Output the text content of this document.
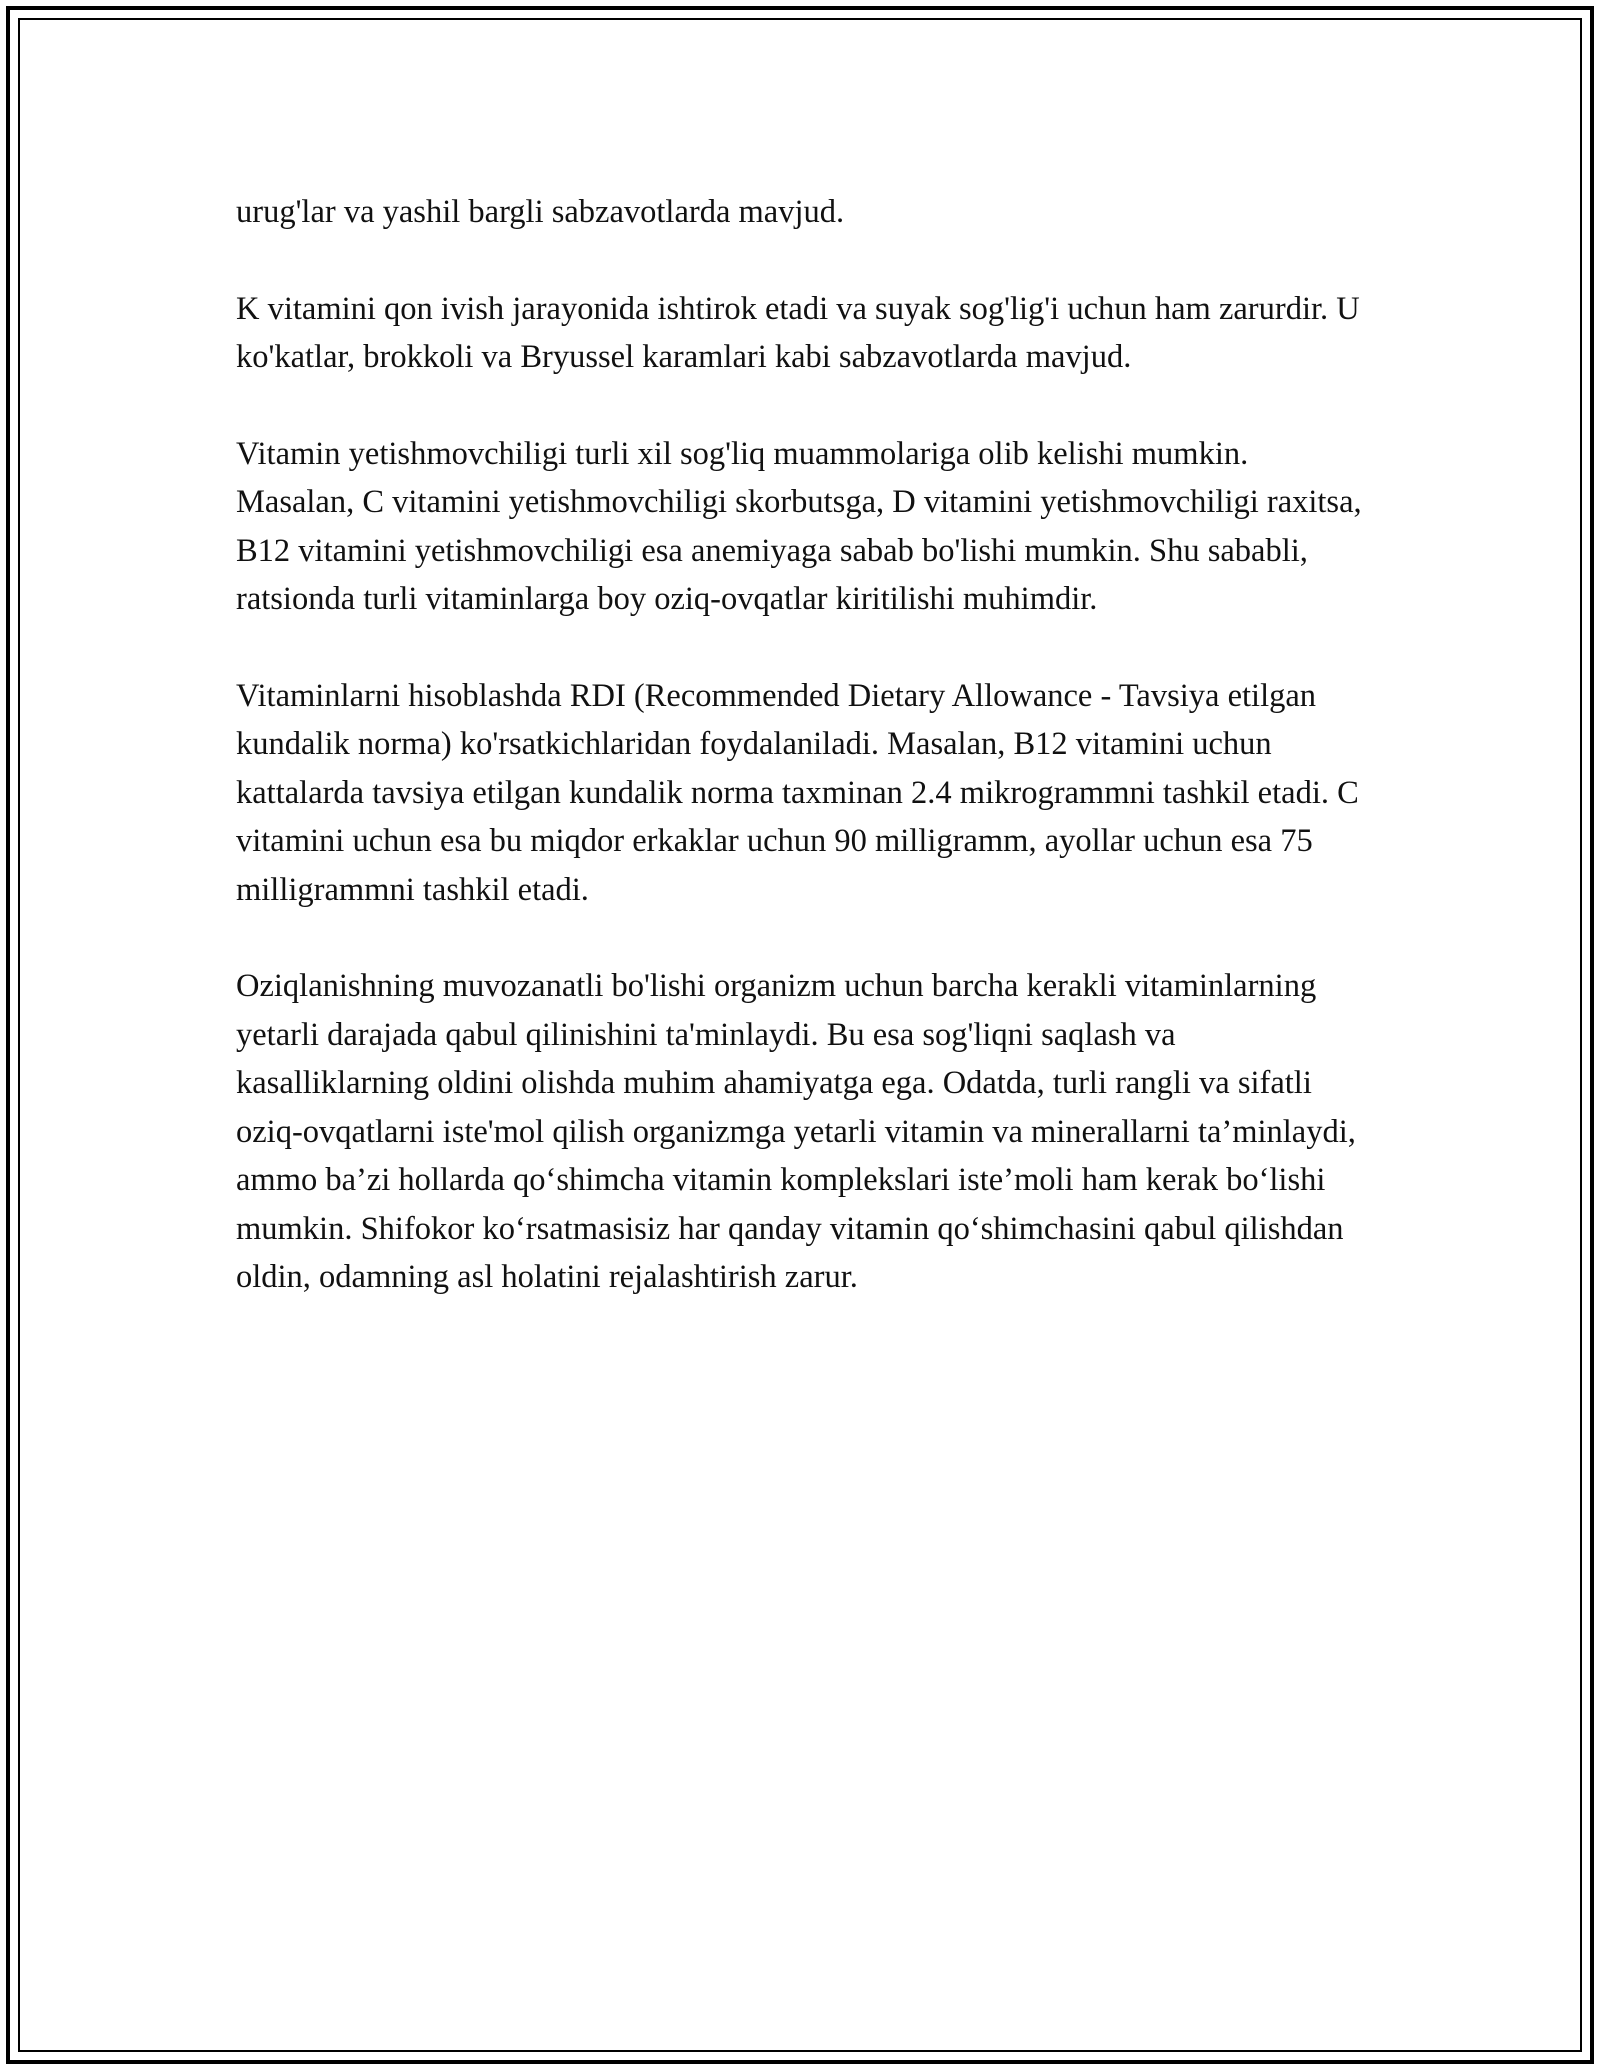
urug'lar va yashil bargli sabzavotlarda mavjud.

K vitamini qon ivish jarayonida ishtirok etadi va suyak sog'lig'i uchun ham zarurdir. U ko'katlar, brokkoli va Bryussel karamlari kabi sabzavotlarda mavjud.

Vitamin yetishmovchiligi turli xil sog'liq muammolariga olib kelishi mumkin. Masalan, C vitamini yetishmovchiligi skorbutsga, D vitamini yetishmovchiligi raxitsa, B12 vitamini yetishmovchiligi esa anemiyaga sabab bo'lishi mumkin. Shu sababli, ratsionda turli vitaminlarga boy oziq-ovqatlar kiritilishi muhimdir.

Vitaminlarni hisoblashda RDI (Recommended Dietary Allowance - Tavsiya etilgan kundalik norma) ko'rsatkichlaridan foydalaniladi. Masalan, B12 vitamini uchun kattalarda tavsiya etilgan kundalik norma taxminan 2.4 mikrogrammni tashkil etadi. C vitamini uchun esa bu miqdor erkaklar uchun 90 milligramm, ayollar uchun esa 75 milligrammni tashkil etadi.

Oziqlanishning muvozanatli bo'lishi organizm uchun barcha kerakli vitaminlarning yetarli darajada qabul qilinishini ta'minlaydi. Bu esa sog'liqni saqlash va kasalliklarning oldini olishda muhim ahamiyatga ega. Odatda, turli rangli va sifatli oziq-ovqatlarni iste'mol qilish organizmga yetarli vitamin va minerallarni ta’minlaydi, ammo ba’zi hollarda qo‘shimcha vitamin komplekslari iste’moli ham kerak bo‘lishi mumkin. Shifokor ko‘rsatmasisiz har qanday vitamin qo‘shimchasini qabul qilishdan oldin, odamning asl holatini rejalashtirish zarur.
